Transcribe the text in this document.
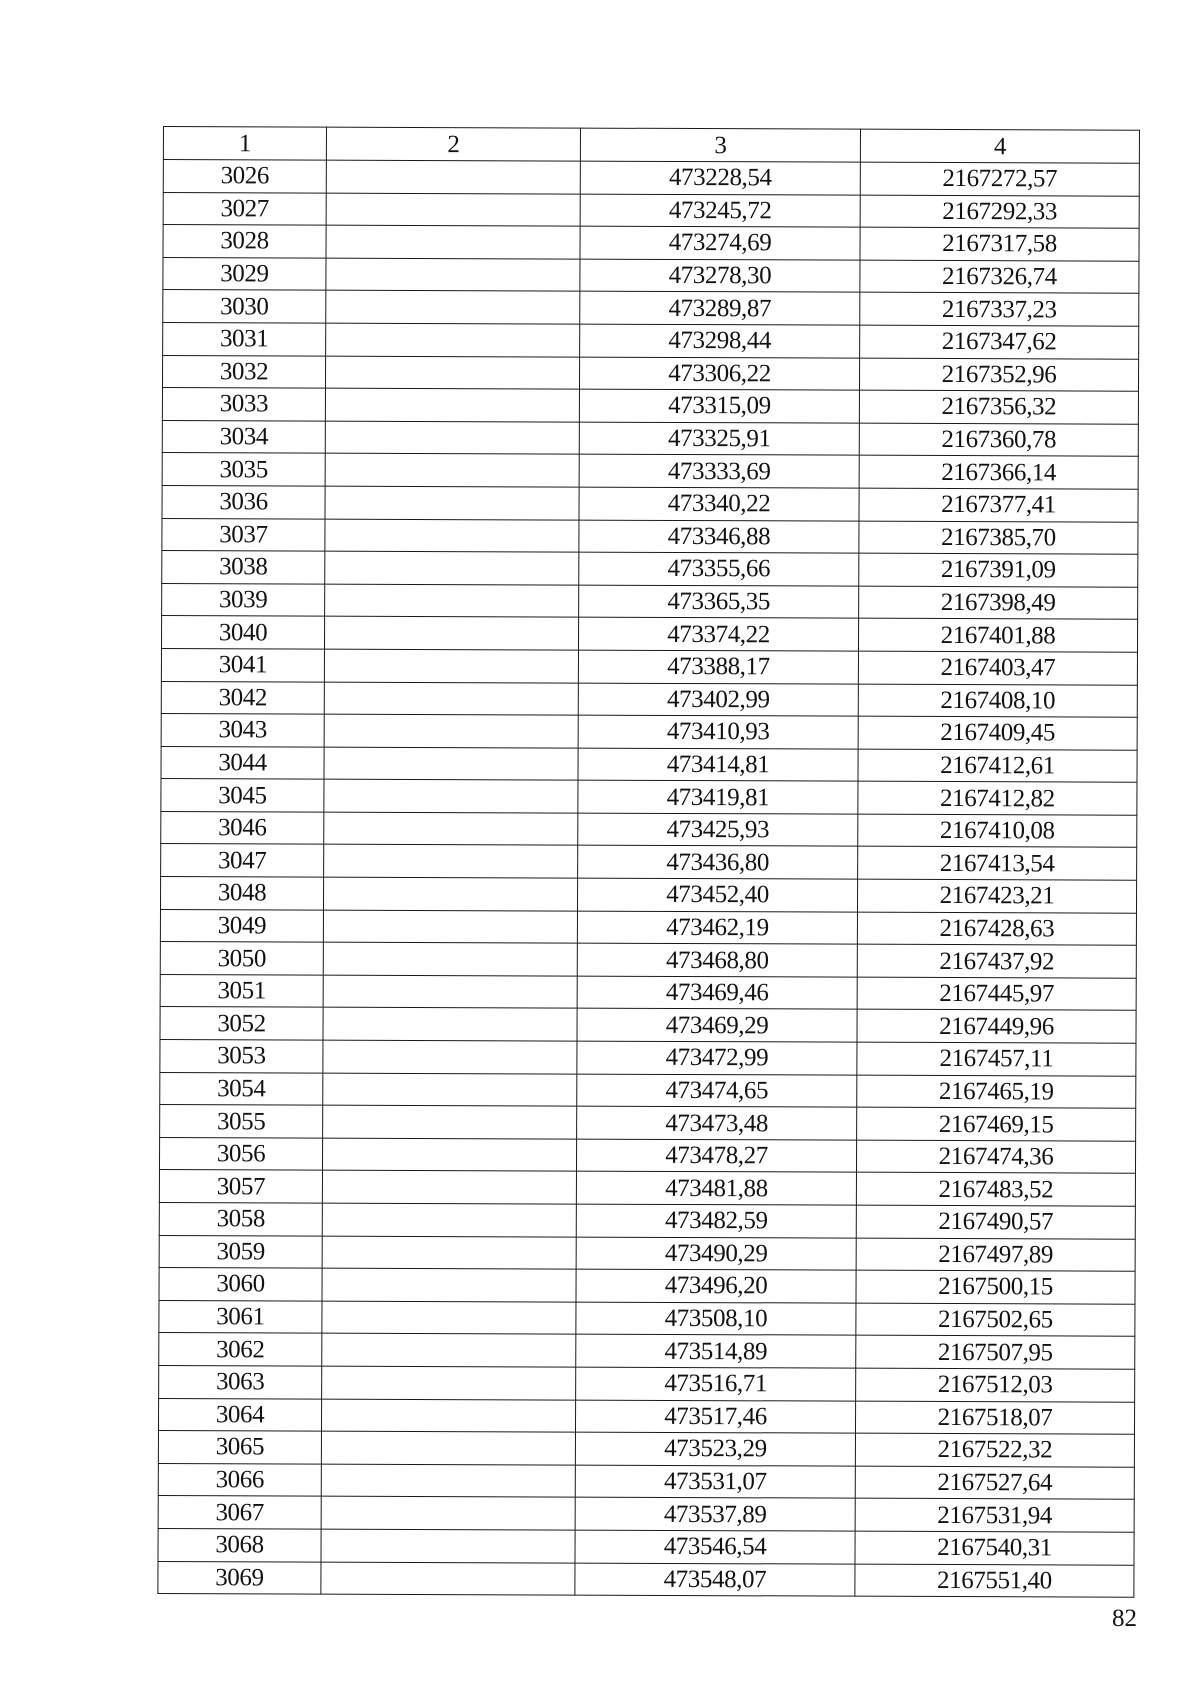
1	2	3	4
3026		473228,54	2167272,57
3027		473245,72	2167292,33
3028		473274,69	2167317,58
3029		473278,30	2167326,74
3030		473289,87	2167337,23
3031		473298,44	2167347,62
3032		473306,22	2167352,96
3033		473315,09	2167356,32
3034		473325,91	2167360,78
3035		473333,69	2167366,14
3036		473340,22	2167377,41
3037		473346,88	2167385,70
3038		473355,66	2167391,09
3039		473365,35	2167398,49
3040		473374,22	2167401,88
3041		473388,17	2167403,47
3042		473402,99	2167408,10
3043		473410,93	2167409,45
3044		473414,81	2167412,61
3045		473419,81	2167412,82
3046		473425,93	2167410,08
3047		473436,80	2167413,54
3048		473452,40	2167423,21
3049		473462,19	2167428,63
3050		473468,80	2167437,92
3051		473469,46	2167445,97
3052		473469,29	2167449,96
3053		473472,99	2167457,11
3054		473474,65	2167465,19
3055		473473,48	2167469,15
3056		473478,27	2167474,36
3057		473481,88	2167483,52
3058		473482,59	2167490,57
3059		473490,29	2167497,89
3060		473496,20	2167500,15
3061		473508,10	2167502,65
3062		473514,89	2167507,95
3063		473516,71	2167512,03
3064		473517,46	2167518,07
3065		473523,29	2167522,32
3066		473531,07	2167527,64
3067		473537,89	2167531,94
3068		473546,54	2167540,31
3069		473548,07	2167551,40
82
